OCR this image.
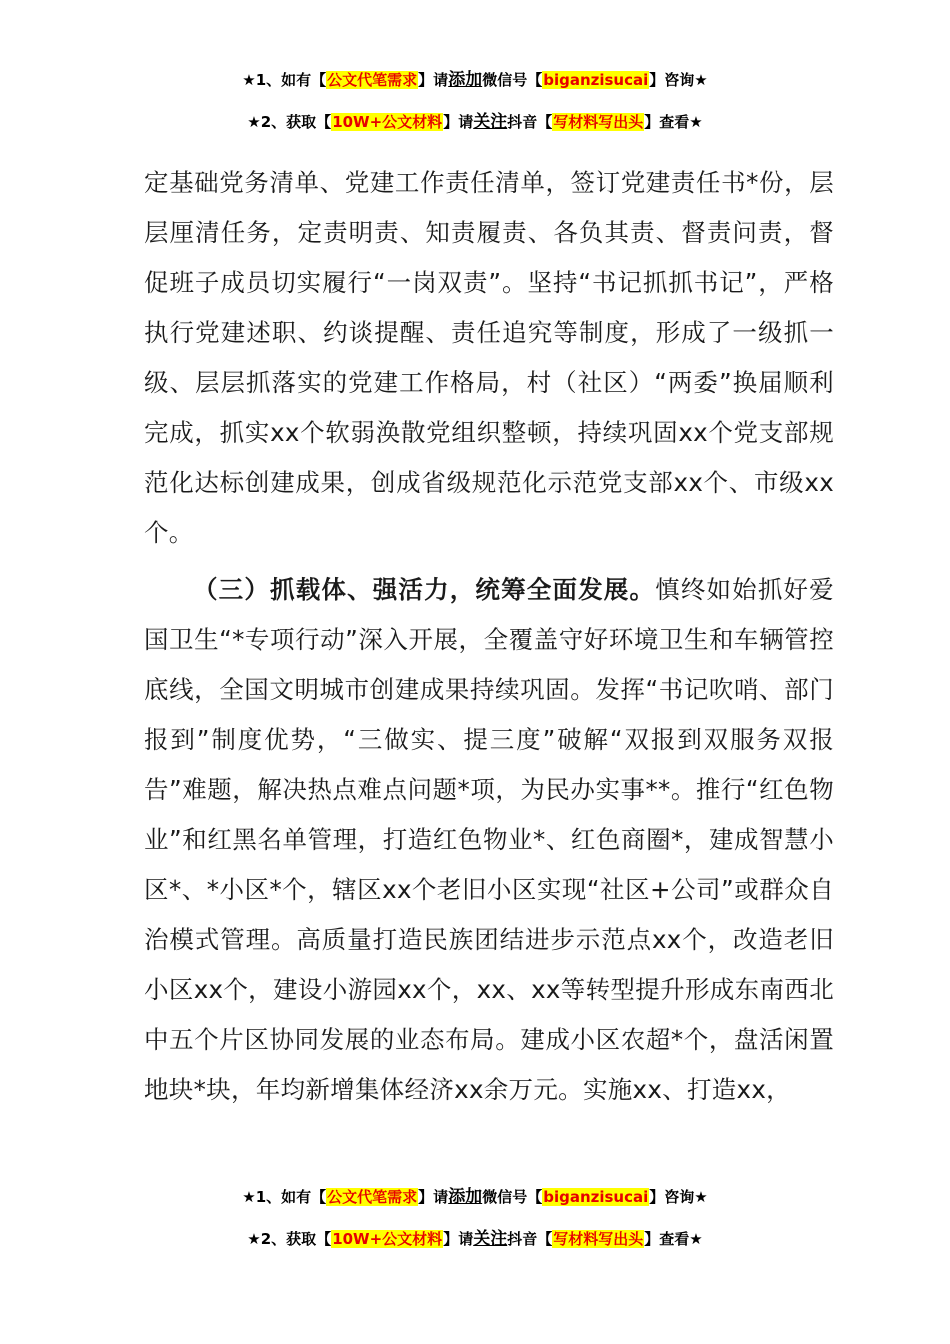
★1、如有【公文代笔需求】请添加微信号【biganzisucai】咨询★
★2、获取【10W+公文材料】请关注抖音【写材料写出头】查看★

定基础党务清单、党建工作责任清单，签订党建责任书*份，层层厘清任务，定责明责、知责履责、各负其责、督责问责，督促班子成员切实履行“一岗双责”。坚持“书记抓抓书记”，严格执行党建述职、约谈提醒、责任追究等制度，形成了一级抓一级、层层抓落实的党建工作格局，村（社区）“两委”换届顺利完成，抓实xx个软弱涣散党组织整顿，持续巩固xx个党支部规范化达标创建成果，创成省级规范化示范党支部xx个、市级xx个。

（三）抓载体、强活力，统筹全面发展。慎终如始抓好爱国卫生“*专项行动”深入开展，全覆盖守好环境卫生和车辆管控底线，全国文明城市创建成果持续巩固。发挥“书记吹哨、部门报到”制度优势，“三做实、提三度”破解“双报到双服务双报告”难题，解决热点难点问题*项，为民办实事**。推行“红色物业”和红黑名单管理，打造红色物业*、红色商圈*，建成智慧小区*、*小区*个，辖区xx个老旧小区实现“社区+公司”或群众自治模式管理。高质量打造民族团结进步示范点xx个，改造老旧小区xx个，建设小游园xx个，xx、xx等转型提升形成东南西北中五个片区协同发展的业态布局。建成小区农超*个，盘活闲置地块*块，年均新增集体经济xx余万元。实施xx、打造xx，

★1、如有【公文代笔需求】请添加微信号【biganzisucai】咨询★
★2、获取【10W+公文材料】请关注抖音【写材料写出头】查看★
